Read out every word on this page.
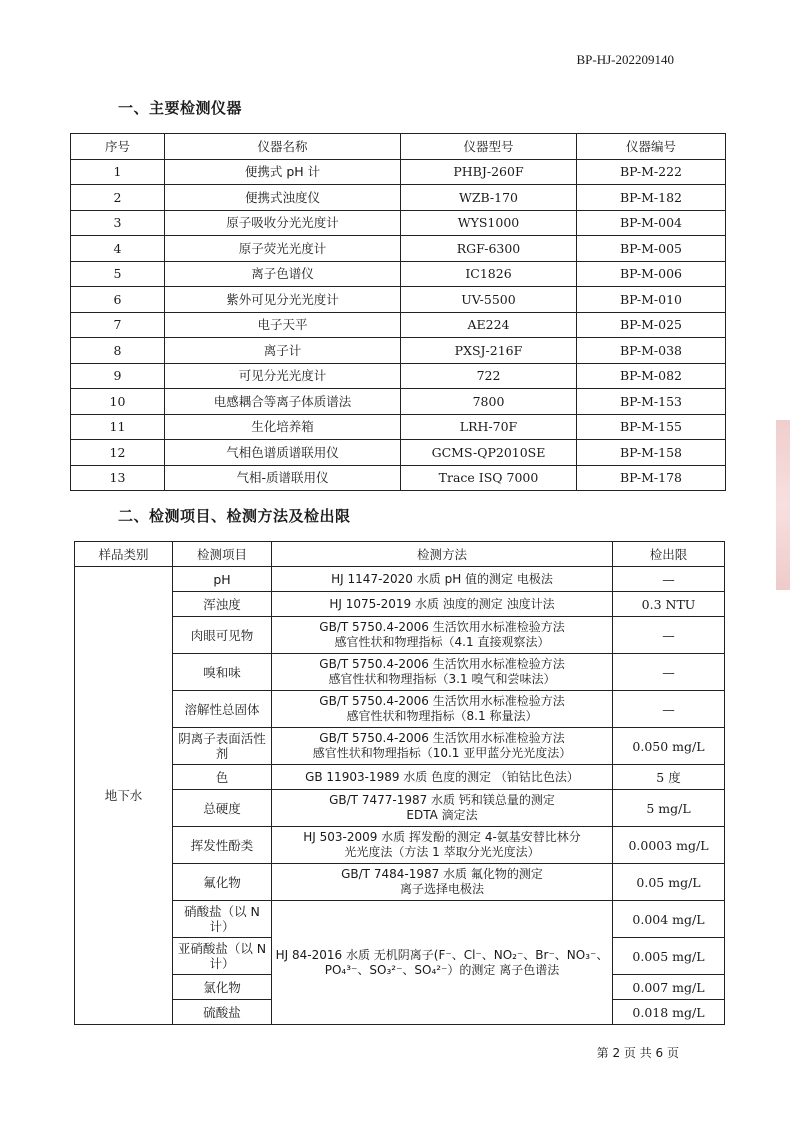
BP-HJ-202209140
一、主要检测仪器
序号	仪器名称	仪器型号	仪器编号
1	便携式 pH 计	PHBJ-260F	BP-M-222
2	便携式浊度仪	WZB-170	BP-M-182
3	原子吸收分光光度计	WYS1000	BP-M-004
4	原子荧光光度计	RGF-6300	BP-M-005
5	离子色谱仪	IC1826	BP-M-006
6	紫外可见分光光度计	UV-5500	BP-M-010
7	电子天平	AE224	BP-M-025
8	离子计	PXSJ-216F	BP-M-038
9	可见分光光度计	722	BP-M-082
10	电感耦合等离子体质谱法	7800	BP-M-153
11	生化培养箱	LRH-70F	BP-M-155
12	气相色谱质谱联用仪	GCMS-QP2010SE	BP-M-158
13	气相-质谱联用仪	Trace ISQ 7000	BP-M-178
二、检测项目、检测方法及检出限
样品类别	检测项目	检测方法	检出限
地下水	pH	HJ 1147-2020 水质 pH 值的测定 电极法	—
	浑浊度	HJ 1075-2019 水质 浊度的测定 浊度计法	0.3 NTU
	肉眼可见物	GB/T 5750.4-2006 生活饮用水标准检验方法
感官性状和物理指标（4.1 直接观察法）	—
	嗅和味	GB/T 5750.4-2006 生活饮用水标准检验方法
感官性状和物理指标（3.1 嗅气和尝味法）	—
	溶解性总固体	GB/T 5750.4-2006 生活饮用水标准检验方法
感官性状和物理指标（8.1 称量法）	—
	阴离子表面活性剂	GB/T 5750.4-2006 生活饮用水标准检验方法
感官性状和物理指标（10.1 亚甲蓝分光光度法）	0.050 mg/L
	色	GB 11903-1989 水质 色度的测定 （铂钴比色法）	5 度
	总硬度	GB/T 7477-1987 水质 钙和镁总量的测定
EDTA 滴定法	5 mg/L
	挥发性酚类	HJ 503-2009 水质 挥发酚的测定 4-氨基安替比林分
光光度法（方法 1 萃取分光光度法）	0.0003 mg/L
	氟化物	GB/T 7484-1987 水质 氟化物的测定
离子选择电极法	0.05 mg/L
	硝酸盐（以 N 计）	HJ 84-2016 水质 无机阴离子(F⁻、Cl⁻、NO₂⁻、Br⁻、NO₃⁻、
PO₄³⁻、SO₃²⁻、SO₄²⁻）的测定 离子色谱法	0.004 mg/L
	亚硝酸盐（以 N 计）		0.005 mg/L
	氯化物		0.007 mg/L
	硫酸盐		0.018 mg/L
第 2 页 共 6 页
